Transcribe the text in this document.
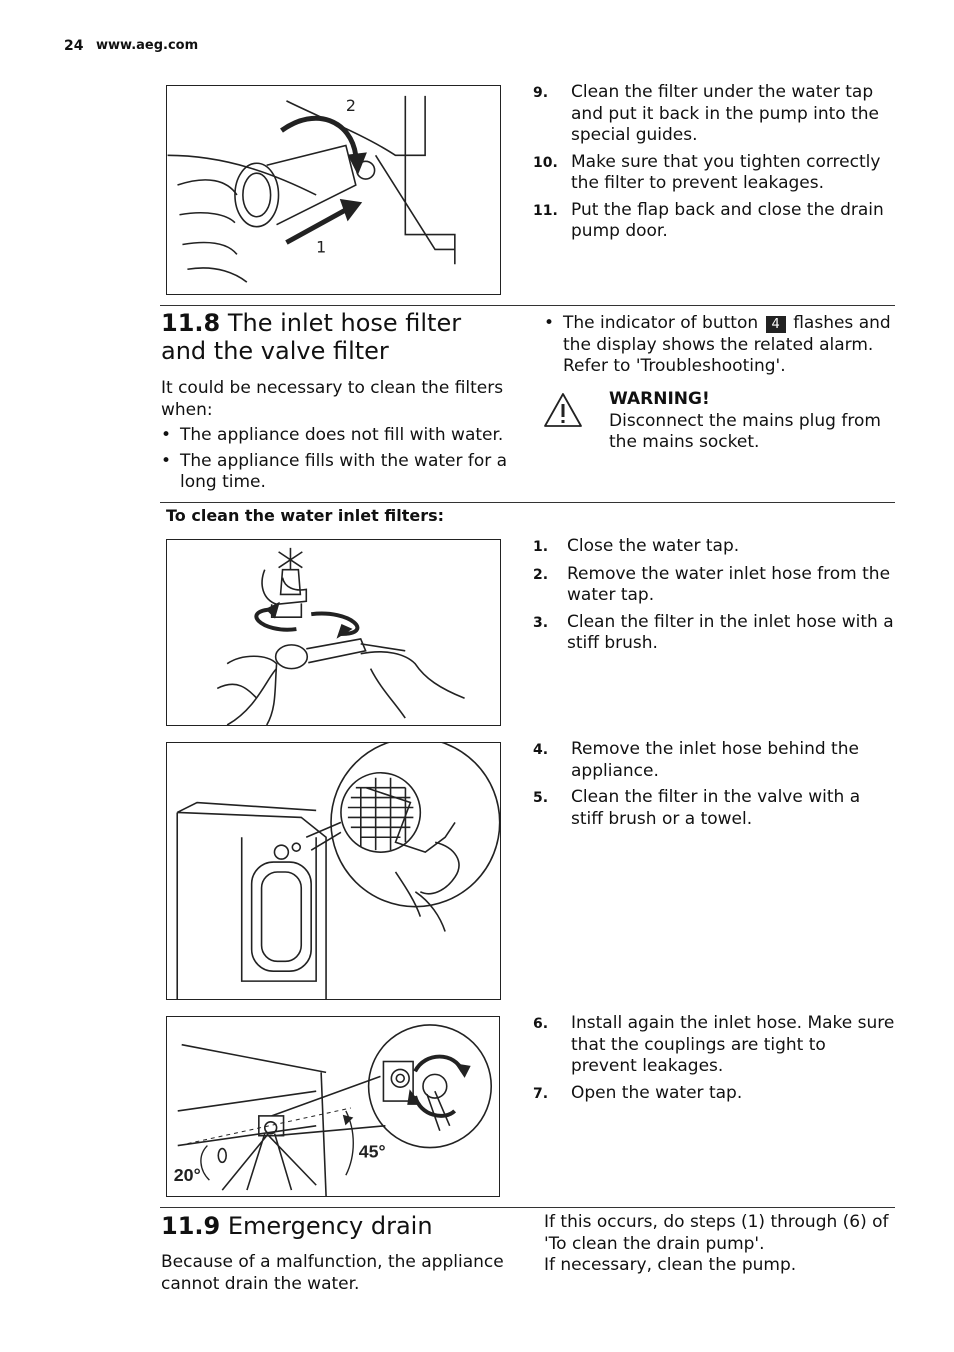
24 www.aeg.com
2
1
9.	Clean the filter under the water tap and put it back in the pump into the special guides.
10. Make sure that you tighten correctly the filter to prevent leakages.
11. Put the flap back and close the drain pump door.
11.8 The inlet hose filter and the valve filter
It could be necessary to clean the filters when:
• The appliance does not fill with water.
• The appliance fills with the water for a long time.
• The indicator of button 4 flashes and the display shows the related alarm. Refer to 'Troubleshooting'.
WARNING!
Disconnect the mains plug from the mains socket.
To clean the water inlet filters:
1.	Close the water tap.
2.	Remove the water inlet hose from the water tap.
3.	Clean the filter in the inlet hose with a stiff brush.
4.	Remove the inlet hose behind the appliance.
5.	Clean the filter in the valve with a stiff brush or a towel.
45°
20°
6.	Install again the inlet hose. Make sure that the couplings are tight to prevent leakages.
7.	Open the water tap.
11.9 Emergency drain
Because of a malfunction, the appliance cannot drain the water.
If this occurs, do steps (1) through (6) of 'To clean the drain pump'.
If necessary, clean the pump.
